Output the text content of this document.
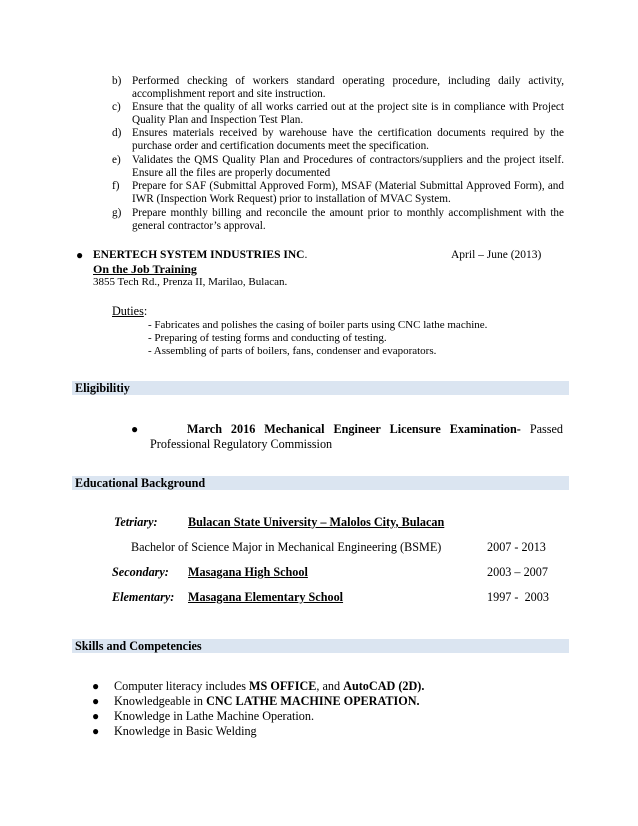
b) Performed checking of workers standard operating procedure, including daily activity, accomplishment report and site instruction.
c) Ensure that the quality of all works carried out at the project site is in compliance with Project Quality Plan and Inspection Test Plan.
d) Ensures materials received by warehouse have the certification documents required by the purchase order and certification documents meet the specification.
e) Validates the QMS Quality Plan and Procedures of contractors/suppliers and the project itself. Ensure all the files are properly documented
f) Prepare for SAF (Submittal Approved Form), MSAF (Material Submittal Approved Form), and IWR (Inspection Work Request) prior to installation of MVAC System.
g) Prepare monthly billing and reconcile the amount prior to monthly accomplishment with the general contractor’s approval.
● ENERTECH SYSTEM INDUSTRIES INC.	April – June (2013)
On the Job Training
3855 Tech Rd., Prenza II, Marilao, Bulacan.
Duties:
- Fabricates and polishes the casing of boiler parts using CNC lathe machine.
- Preparing of testing forms and conducting of testing.
- Assembling of parts of boilers, fans, condenser and evaporators.
Eligibilitiy
●	March 2016 Mechanical Engineer Licensure Examination- Passed
Professional Regulatory Commission
Educational Background
Tetriary: Bulacan State University – Malolos City, Bulacan
Bachelor of Science Major in Mechanical Engineering (BSME)	2007 - 2013
Secondary: Masagana High School	2003 – 2007
Elementary: Masagana Elementary School	1997 -  2003
Skills and Competencies
● Computer literacy includes MS OFFICE, and AutoCAD (2D).
● Knowledgeable in CNC LATHE MACHINE OPERATION.
● Knowledge in Lathe Machine Operation.
● Knowledge in Basic Welding
